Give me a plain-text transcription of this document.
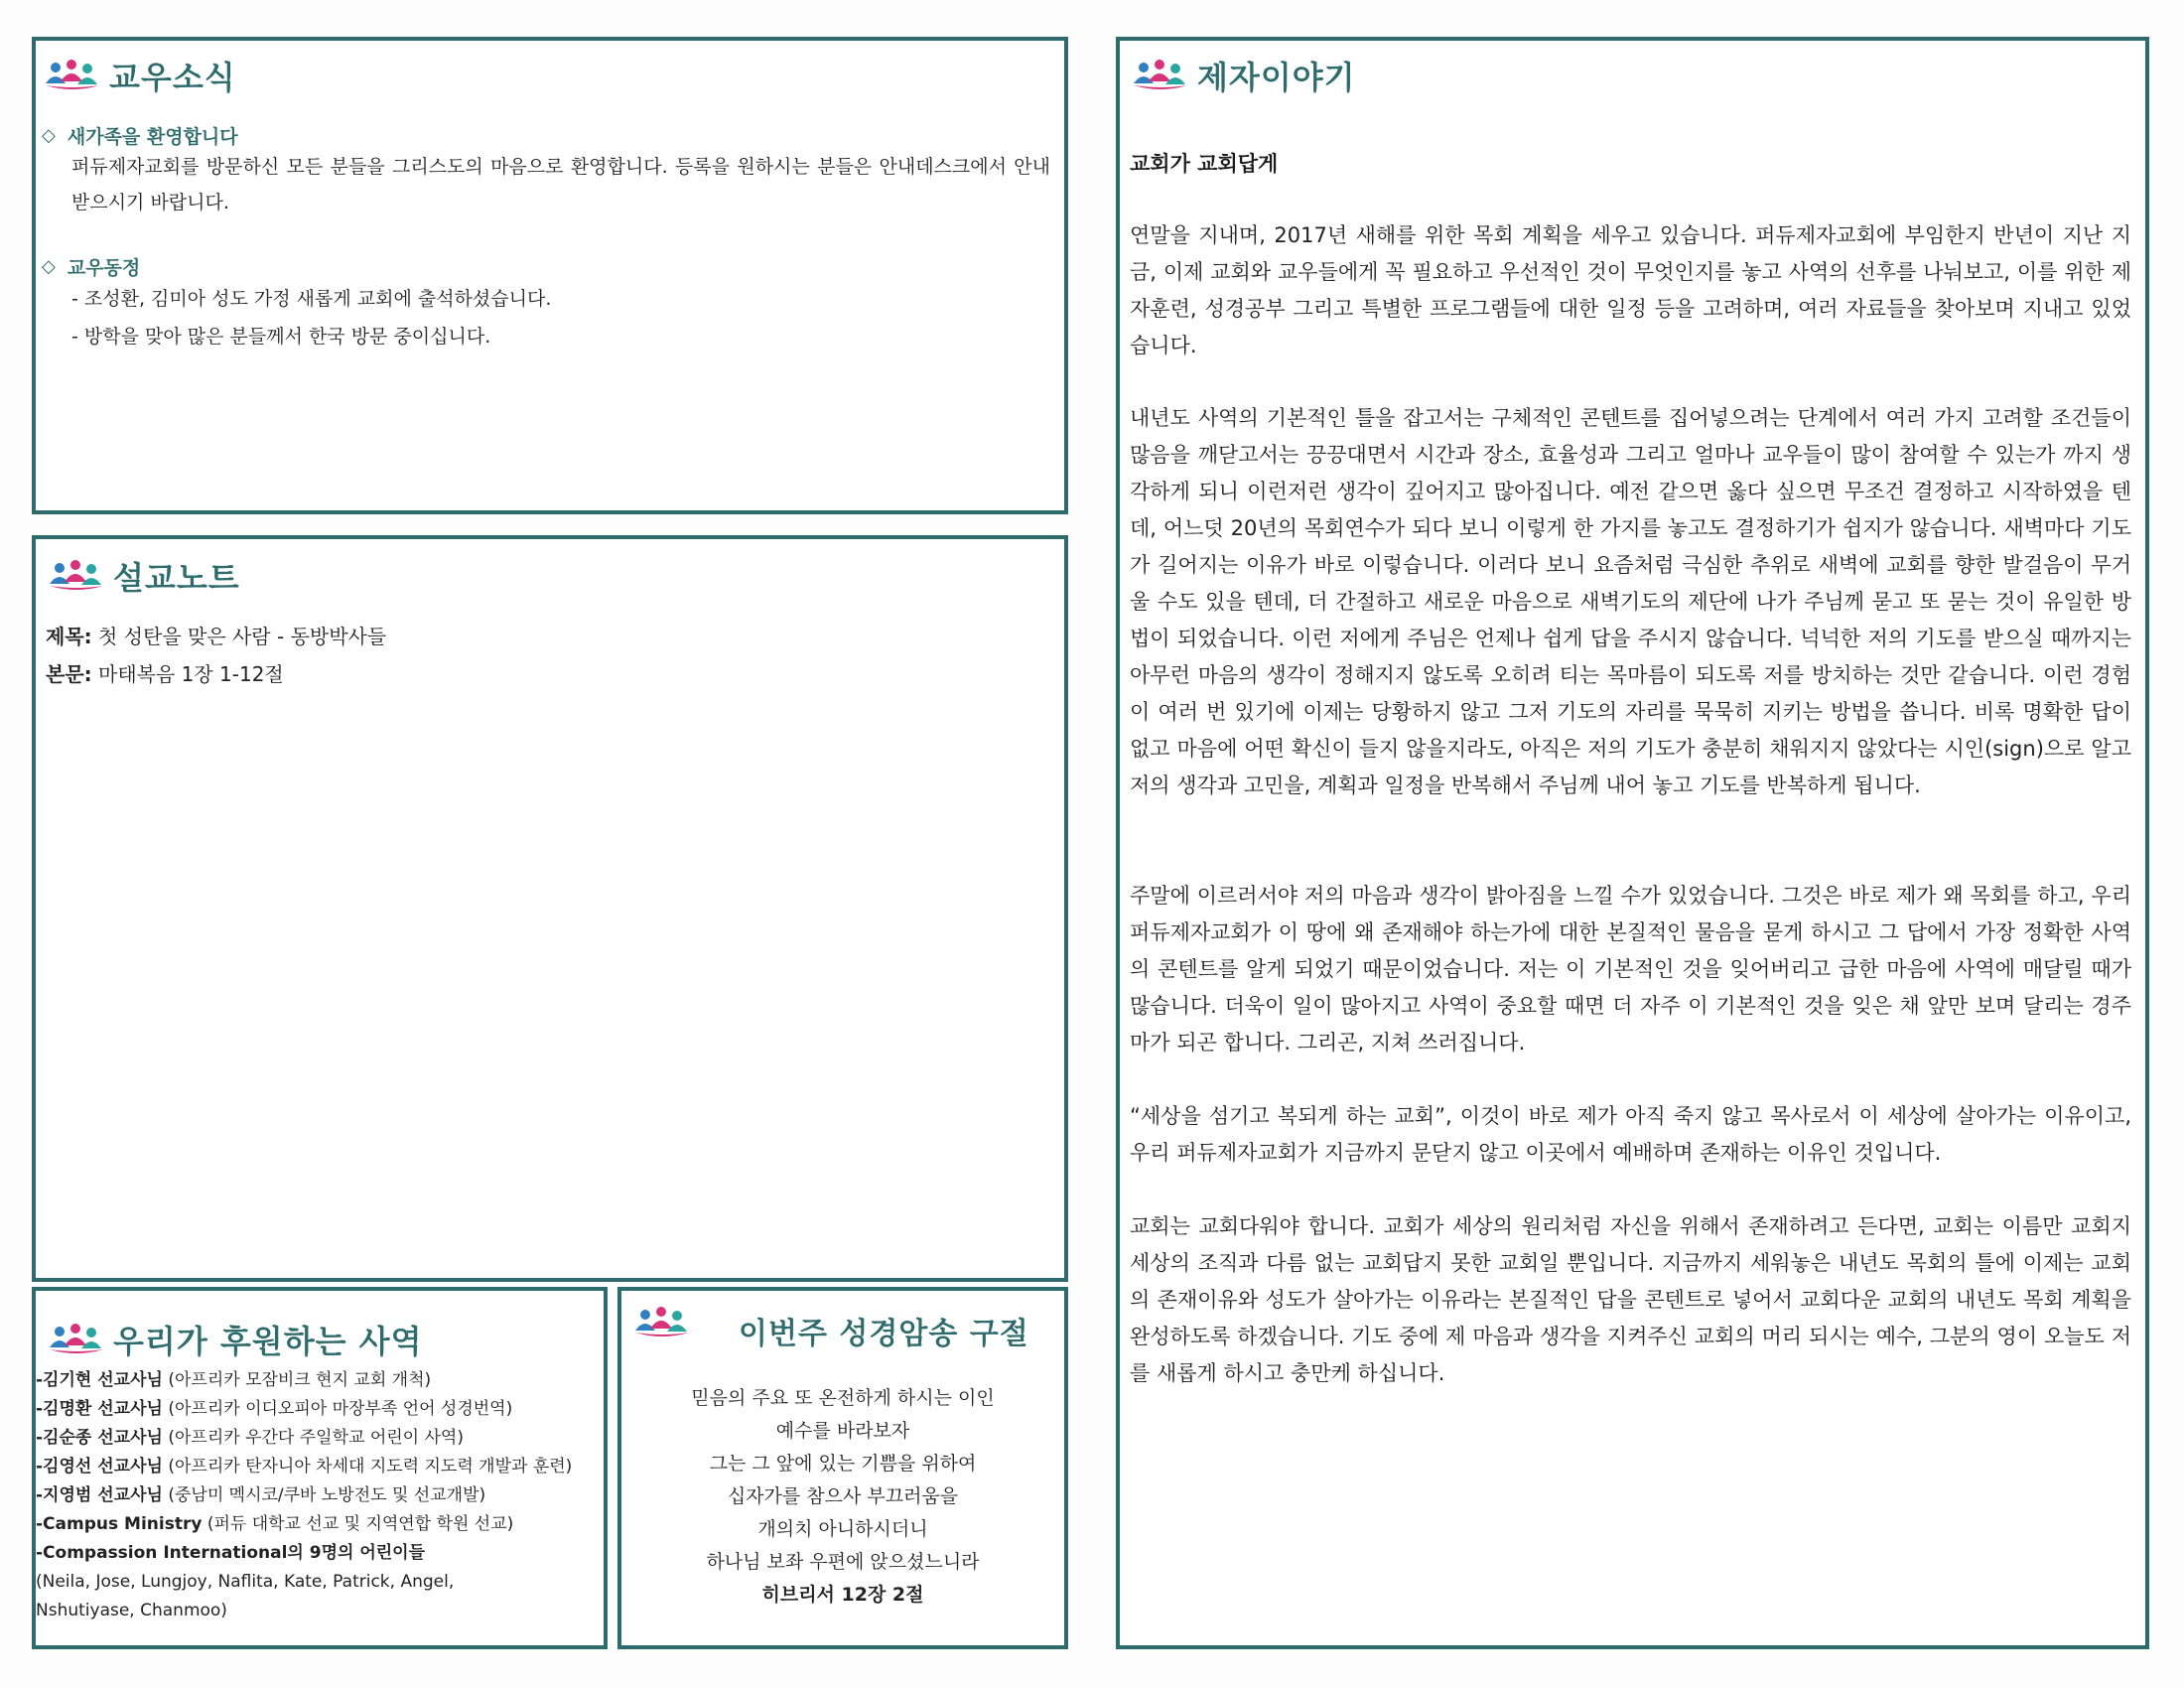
교우소식
◇ 새가족을 환영합니다
퍼듀제자교회를 방문하신 모든 분들을 그리스도의 마음으로 환영합니다. 등록을 원하시는 분들은 안내데스크에서 안내받으시기 바랍니다.
◇ 교우동정
- 조성환, 김미아 성도 가정 새롭게 교회에 출석하셨습니다.
- 방학을 맞아 많은 분들께서 한국 방문 중이십니다.
설교노트
제목: 첫 성탄을 맞은 사람 - 동방박사들
본문: 마태복음 1장 1-12절
우리가 후원하는 사역
-김기현 선교사님 (아프리카 모잠비크 현지 교회 개척)
-김명환 선교사님 (아프리카 이디오피아 마장부족 언어 성경번역)
-김순종 선교사님 (아프리카 우간다 주일학교 어린이 사역)
-김영선 선교사님 (아프리카 탄자니아 차세대 지도력 지도력 개발과 훈련)
-지영범 선교사님 (중남미 멕시코/쿠바 노방전도 및 선교개발)
-Campus Ministry (퍼듀 대학교 선교 및 지역연합 학원 선교)
-Compassion International의 9명의 어린이들
(Neila, Jose, Lungjoy, Naflita, Kate, Patrick, Angel,
Nshutiyase, Chanmoo)
이번주 성경암송 구절
믿음의 주요 또 온전하게 하시는 이인
예수를 바라보자
그는 그 앞에 있는 기쁨을 위하여
십자가를 참으사 부끄러움을
개의치 아니하시더니
하나님 보좌 우편에 앉으셨느니라
히브리서 12장 2절
제자이야기
교회가 교회답게

연말을 지내며, 2017년 새해를 위한 목회 계획을 세우고 있습니다. 퍼듀제자교회에 부임한지 반년이 지난 지금, 이제 교회와 교우들에게 꼭 필요하고 우선적인 것이 무엇인지를 놓고 사역의 선후를 나눠보고, 이를 위한 제자훈련, 성경공부 그리고 특별한 프로그램들에 대한 일정 등을 고려하며, 여러 자료들을 찾아보며 지내고 있었습니다.

내년도 사역의 기본적인 틀을 잡고서는 구체적인 콘텐트를 집어넣으려는 단계에서 여러 가지 고려할 조건들이 많음을 깨닫고서는 끙끙대면서 시간과 장소, 효율성과 그리고 얼마나 교우들이 많이 참여할 수 있는가 까지 생각하게 되니 이런저런 생각이 깊어지고 많아집니다. 예전 같으면 옳다 싶으면 무조건 결정하고 시작하였을 텐데, 어느덧 20년의 목회연수가 되다 보니 이렇게 한 가지를 놓고도 결정하기가 쉽지가 않습니다. 새벽마다 기도가 길어지는 이유가 바로 이렇습니다. 이러다 보니 요즘처럼 극심한 추위로 새벽에 교회를 향한 발걸음이 무거울 수도 있을 텐데, 더 간절하고 새로운 마음으로 새벽기도의 제단에 나가 주님께 묻고 또 묻는 것이 유일한 방법이 되었습니다. 이런 저에게 주님은 언제나 쉽게 답을 주시지 않습니다. 넉넉한 저의 기도를 받으실 때까지는 아무런 마음의 생각이 정해지지 않도록 오히려 티는 목마름이 되도록 저를 방치하는 것만 같습니다. 이런 경험이 여러 번 있기에 이제는 당황하지 않고 그저 기도의 자리를 묵묵히 지키는 방법을 씁니다. 비록 명확한 답이 없고 마음에 어떤 확신이 들지 않을지라도, 아직은 저의 기도가 충분히 채워지지 않았다는 시인(sign)으로 알고 저의 생각과 고민을, 계획과 일정을 반복해서 주님께 내어 놓고 기도를 반복하게 됩니다.

주말에 이르러서야 저의 마음과 생각이 밝아짐을 느낄 수가 있었습니다. 그것은 바로 제가 왜 목회를 하고, 우리 퍼듀제자교회가 이 땅에 왜 존재해야 하는가에 대한 본질적인 물음을 묻게 하시고 그 답에서 가장 정확한 사역의 콘텐트를 알게 되었기 때문이었습니다. 저는 이 기본적인 것을 잊어버리고 급한 마음에 사역에 매달릴 때가 많습니다. 더욱이 일이 많아지고 사역이 중요할 때면 더 자주 이 기본적인 것을 잊은 채 앞만 보며 달리는 경주마가 되곤 합니다. 그리곤, 지쳐 쓰러집니다.

“세상을 섬기고 복되게 하는 교회”, 이것이 바로 제가 아직 죽지 않고 목사로서 이 세상에 살아가는 이유이고, 우리 퍼듀제자교회가 지금까지 문닫지 않고 이곳에서 예배하며 존재하는 이유인 것입니다.

교회는 교회다워야 합니다. 교회가 세상의 원리처럼 자신을 위해서 존재하려고 든다면, 교회는 이름만 교회지 세상의 조직과 다름 없는 교회답지 못한 교회일 뿐입니다. 지금까지 세워놓은 내년도 목회의 틀에 이제는 교회의 존재이유와 성도가 살아가는 이유라는 본질적인 답을 콘텐트로 넣어서 교회다운 교회의 내년도 목회 계획을 완성하도록 하겠습니다. 기도 중에 제 마음과 생각을 지켜주신 교회의 머리 되시는 예수, 그분의 영이 오늘도 저를 새롭게 하시고 충만케 하십니다.
